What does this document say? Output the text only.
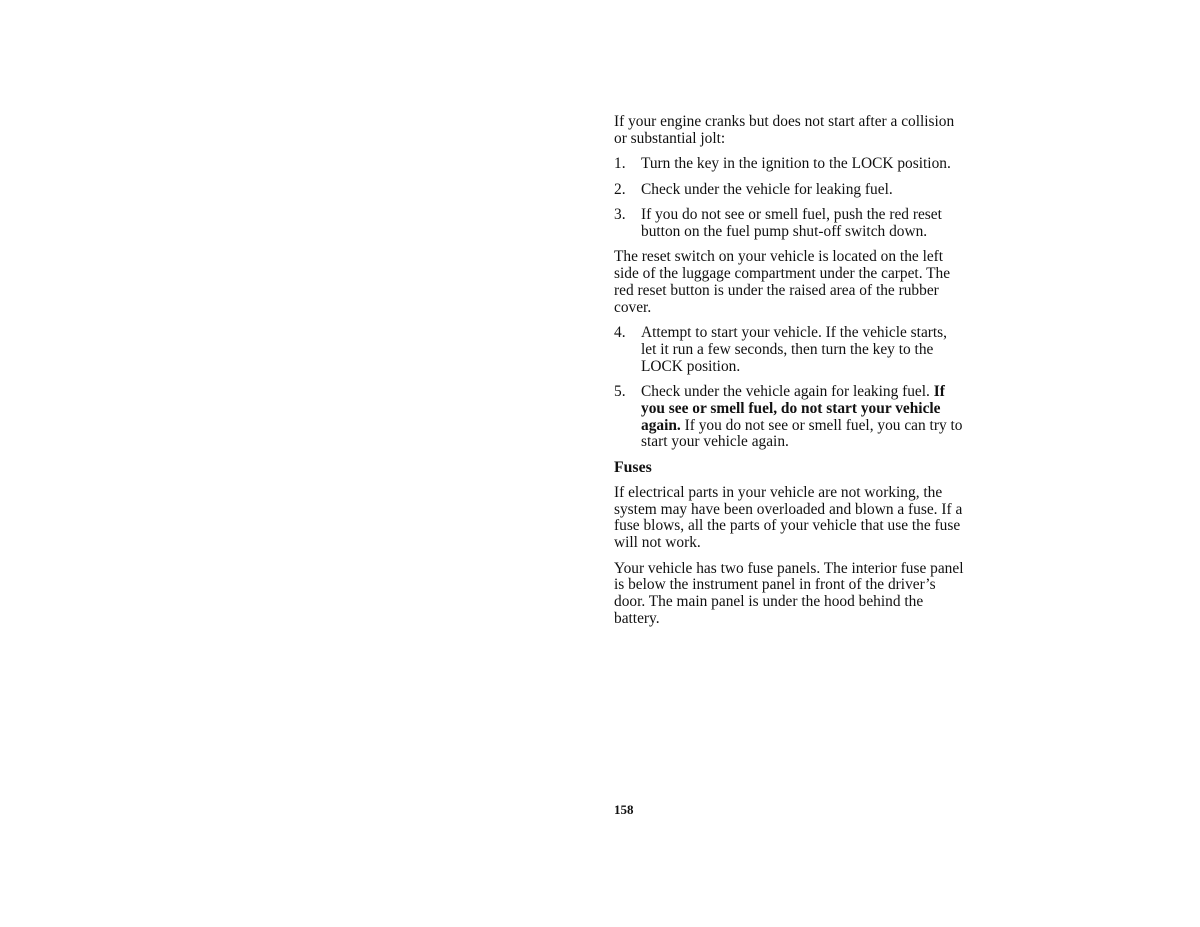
If your engine cranks but does not start after a collision or substantial jolt:

1.	Turn the key in the ignition to the LOCK position.
2.	Check under the vehicle for leaking fuel.
3.	If you do not see or smell fuel, push the red reset button on the fuel pump shut-off switch down.

The reset switch on your vehicle is located on the left side of the luggage compartment under the carpet. The red reset button is under the raised area of the rubber cover.

4.	Attempt to start your vehicle. If the vehicle starts, let it run a few seconds, then turn the key to the LOCK position.
5.	Check under the vehicle again for leaking fuel. If you see or smell fuel, do not start your vehicle again. If you do not see or smell fuel, you can try to start your vehicle again.
Fuses

If electrical parts in your vehicle are not working, the system may have been overloaded and blown a fuse. If a fuse blows, all the parts of your vehicle that use the fuse will not work.

Your vehicle has two fuse panels. The interior fuse panel is below the instrument panel in front of the driver’s door. The main panel is under the hood behind the battery.

158
